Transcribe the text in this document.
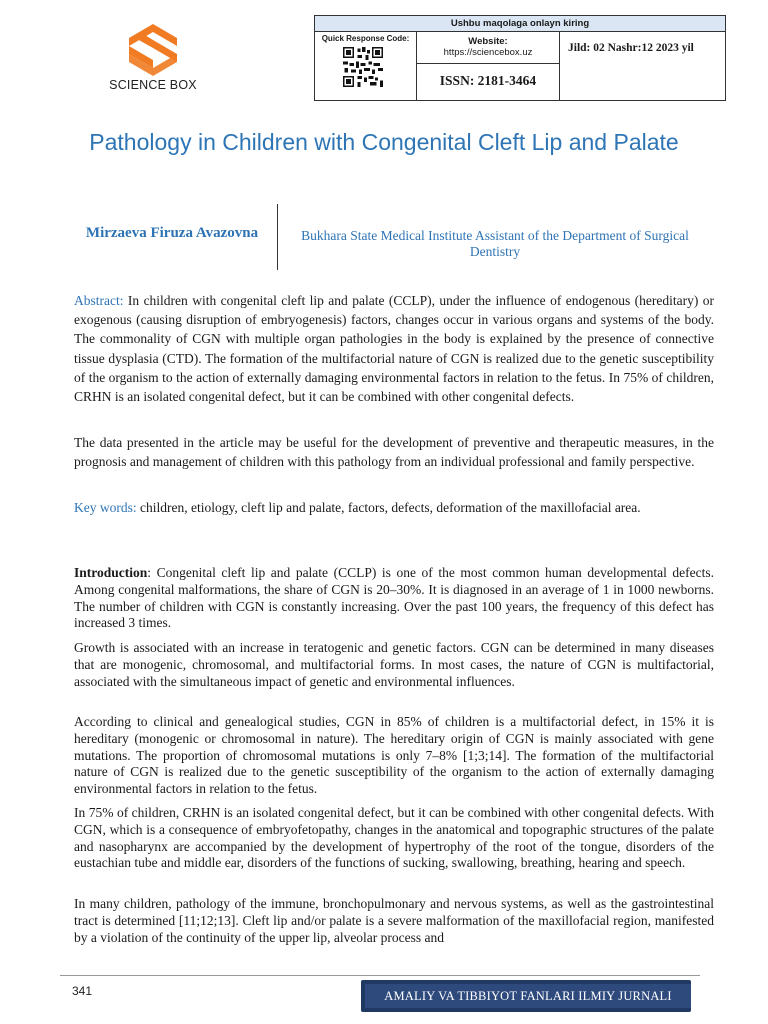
SCIENCE BOX
Ushbu maqolaga onlayn kiring
Quick Response Code:	Website:
https://sciencebox.uz
ISSN: 2181-3464
Jild: 02 Nashr:12 2023 yil
Pathology in Children with Congenital Cleft Lip and Palate
Mirzaeva Firuza Avazovna	Bukhara State Medical Institute Assistant of the Department of Surgical Dentistry

Abstract: In children with congenital cleft lip and palate (CCLP), under the influence of endogenous (hereditary) or exogenous (causing disruption of embryogenesis) factors, changes occur in various organs and systems of the body. The commonality of CGN with multiple organ pathologies in the body is explained by the presence of connective tissue dysplasia (CTD). The formation of the multifactorial nature of CGN is realized due to the genetic susceptibility of the organism to the action of externally damaging environmental factors in relation to the fetus. In 75% of children, CRHN is an isolated congenital defect, but it can be combined with other congenital defects.

The data presented in the article may be useful for the development of preventive and therapeutic measures, in the prognosis and management of children with this pathology from an individual professional and family perspective.

Key words: children, etiology, cleft lip and palate, factors, defects, deformation of the maxillofacial area.

Introduction: Congenital cleft lip and palate (CCLP) is one of the most common human developmental defects. Among congenital malformations, the share of CGN is 20–30%. It is diagnosed in an average of 1 in 1000 newborns. The number of children with CGN is constantly increasing. Over the past 100 years, the frequency of this defect has increased 3 times.

Growth is associated with an increase in teratogenic and genetic factors. CGN can be determined in many diseases that are monogenic, chromosomal, and multifactorial forms. In most cases, the nature of CGN is multifactorial, associated with the simultaneous impact of genetic and environmental influences.

According to clinical and genealogical studies, CGN in 85% of children is a multifactorial defect, in 15% it is hereditary (monogenic or chromosomal in nature). The hereditary origin of CGN is mainly associated with gene mutations. The proportion of chromosomal mutations is only 7–8% [1;3;14]. The formation of the multifactorial nature of CGN is realized due to the genetic susceptibility of the organism to the action of externally damaging environmental factors in relation to the fetus.

In 75% of children, CRHN is an isolated congenital defect, but it can be combined with other congenital defects. With CGN, which is a consequence of embryofetopathy, changes in the anatomical and topographic structures of the palate and nasopharynx are accompanied by the development of hypertrophy of the root of the tongue, disorders of the eustachian tube and middle ear, disorders of the functions of sucking, swallowing, breathing, hearing and speech.

In many children, pathology of the immune, bronchopulmonary and nervous systems, as well as the gastrointestinal tract is determined [11;12;13]. Cleft lip and/or palate is a severe malformation of the maxillofacial region, manifested by a violation of the continuity of the upper lip, alveolar process and

341	AMALIY VA TIBBIYOT FANLARI ILMIY JURNALI
